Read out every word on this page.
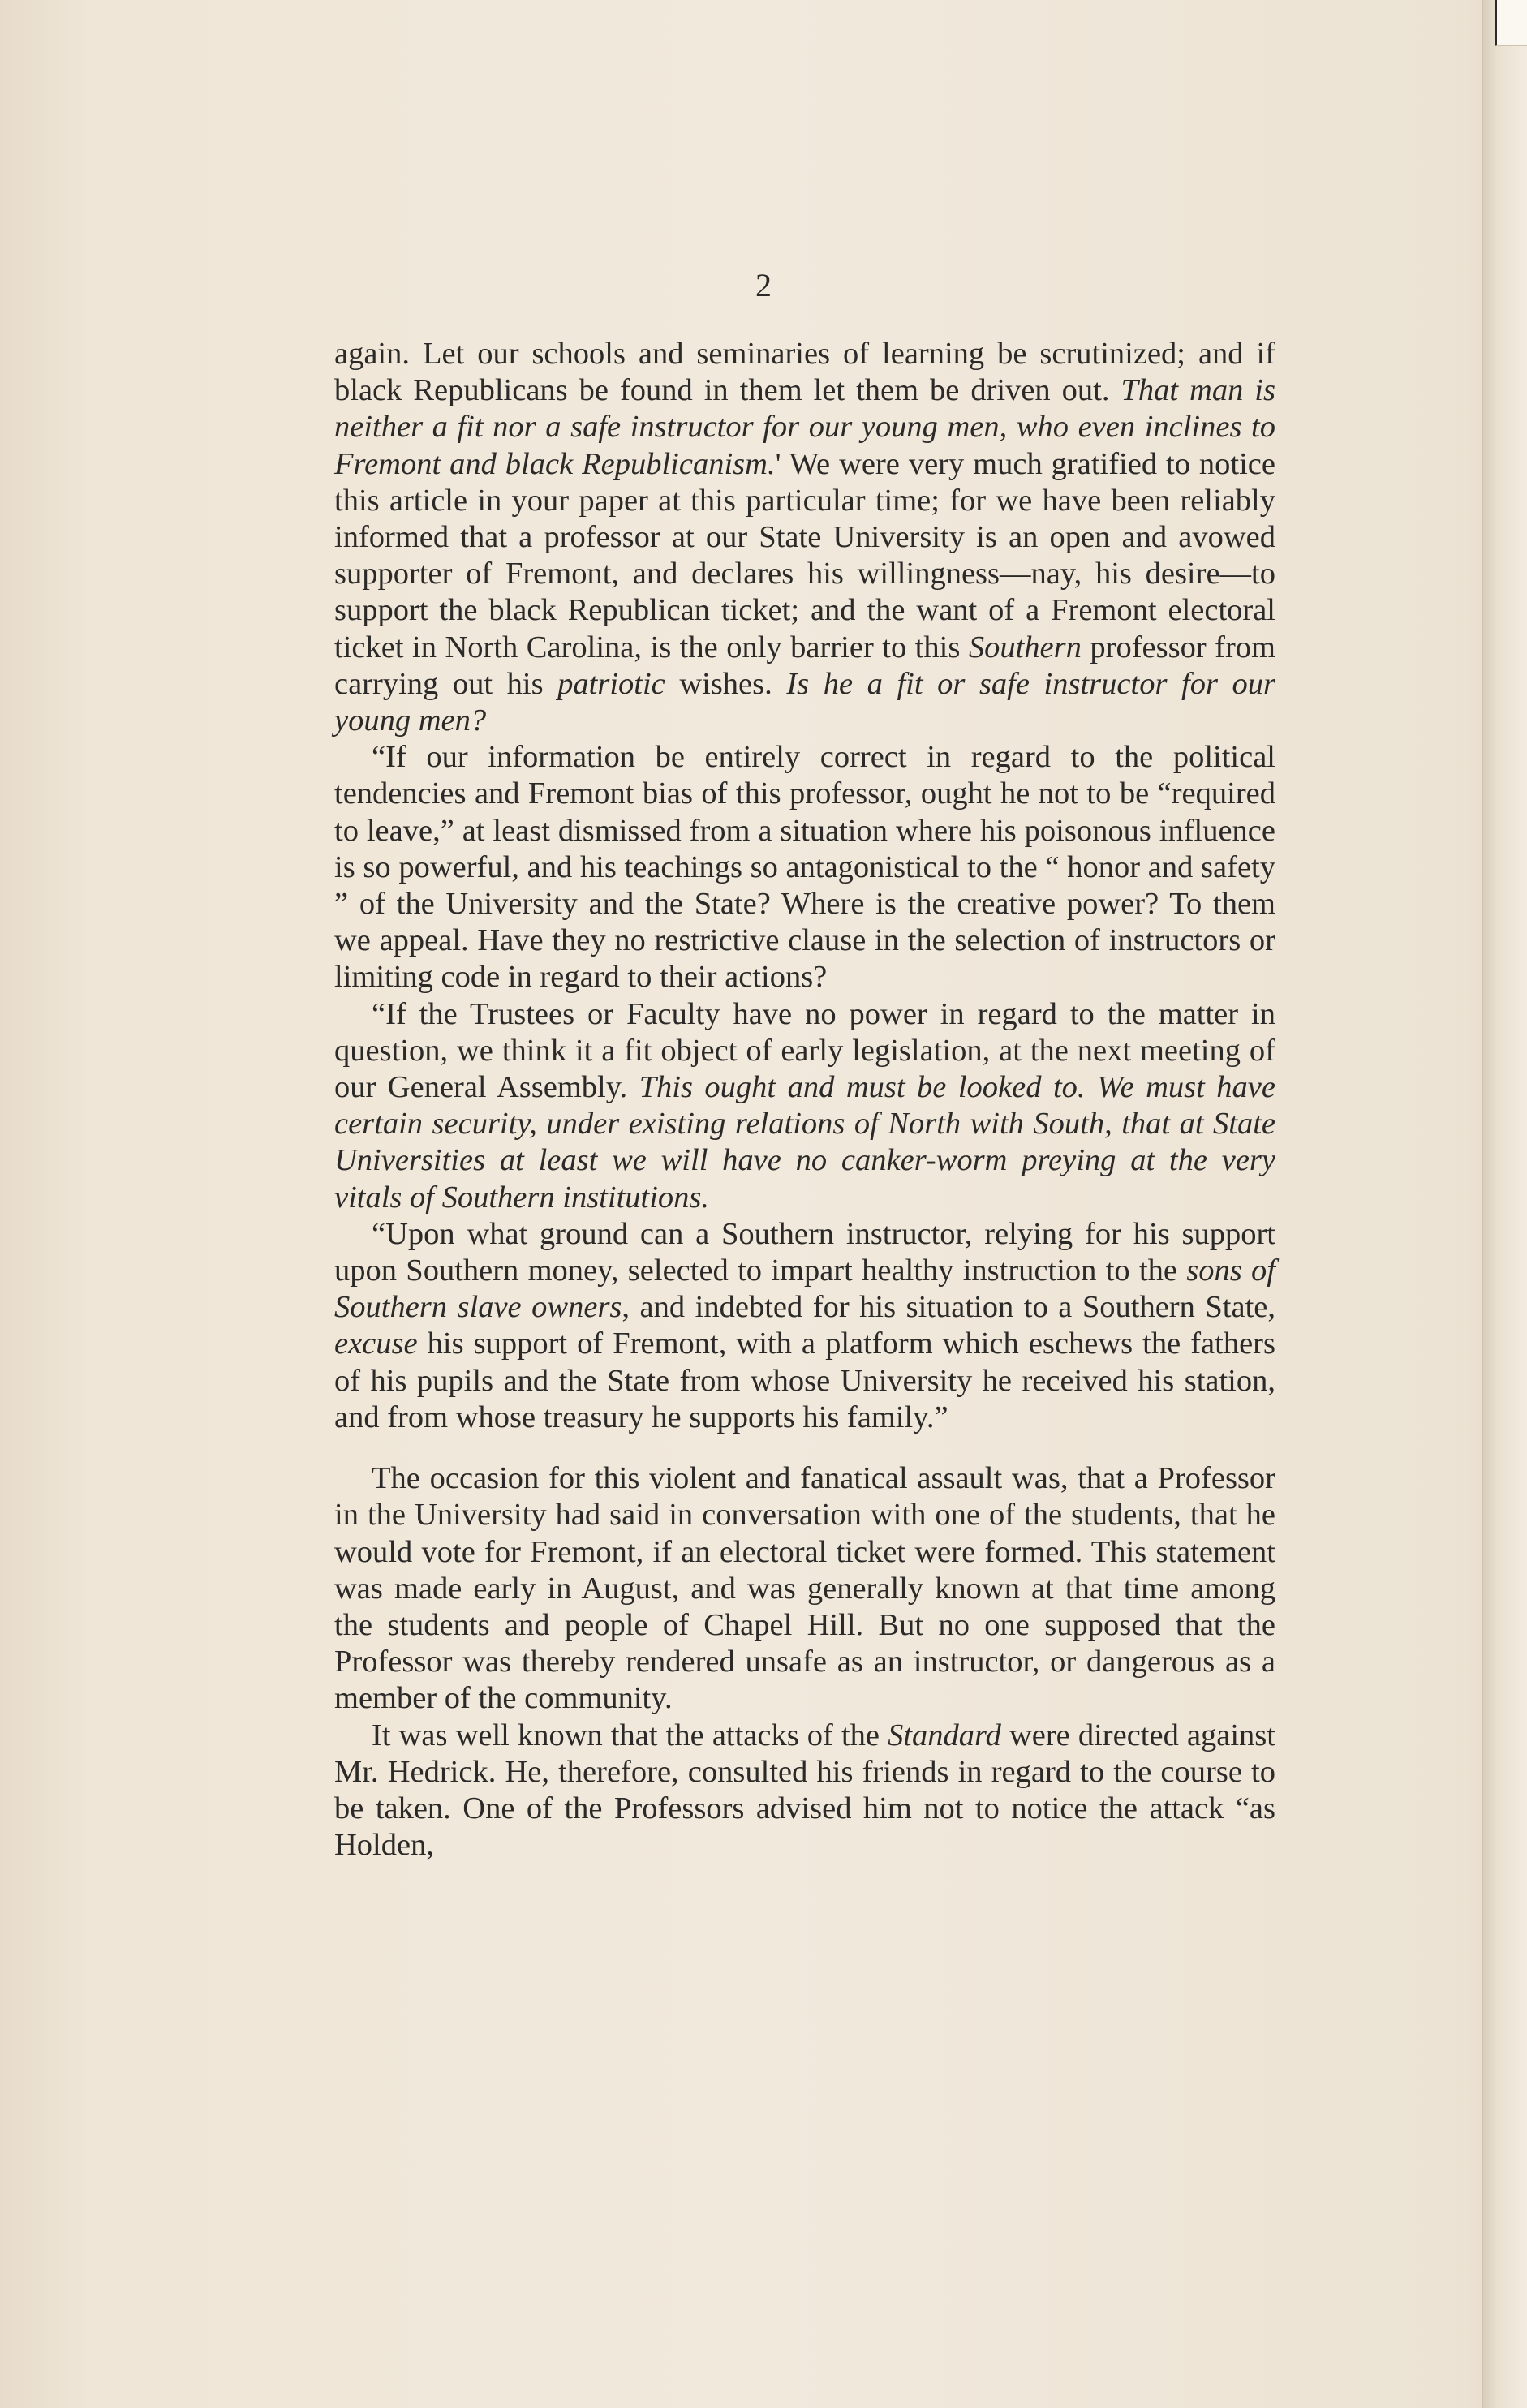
2

again. Let our schools and seminaries of learning be scrutinized; and if black Republicans be found in them let them be driven out. That man is neither a fit nor a safe instructor for our young men, who even inclines to Fremont and black Republicanism.' We were very much gratified to notice this article in your paper at this particular time; for we have been reliably informed that a professor at our State University is an open and avowed supporter of Fremont, and declares his willingness—nay, his desire—to support the black Republican ticket; and the want of a Fremont electoral ticket in North Carolina, is the only barrier to this Southern professor from carrying out his patriotic wishes. Is he a fit or safe instructor for our young men?

“If our information be entirely correct in regard to the political tendencies and Fremont bias of this professor, ought he not to be “required to leave,” at least dismissed from a situation where his poisonous influence is so powerful, and his teachings so antagonistical to the “ honor and safety ” of the University and the State? Where is the creative power? To them we appeal. Have they no restrictive clause in the selection of instructors or limiting code in regard to their actions?

“If the Trustees or Faculty have no power in regard to the matter in question, we think it a fit object of early legislation, at the next meeting of our General Assembly. This ought and must be looked to. We must have certain security, under existing relations of North with South, that at State Universities at least we will have no canker-worm preying at the very vitals of Southern institutions.

“Upon what ground can a Southern instructor, relying for his support upon Southern money, selected to impart healthy instruction to the sons of Southern slave owners, and indebted for his situation to a Southern State, excuse his support of Fremont, with a platform which eschews the fathers of his pupils and the State from whose University he received his station, and from whose treasury he supports his family.”

The occasion for this violent and fanatical assault was, that a Professor in the University had said in conversation with one of the students, that he would vote for Fremont, if an electoral ticket were formed. This statement was made early in August, and was generally known at that time among the students and people of Chapel Hill. But no one supposed that the Professor was thereby rendered unsafe as an instructor, or dangerous as a member of the community.

It was well known that the attacks of the Standard were directed against Mr. Hedrick. He, therefore, consulted his friends in regard to the course to be taken. One of the Professors advised him not to notice the attack “as Holden,
